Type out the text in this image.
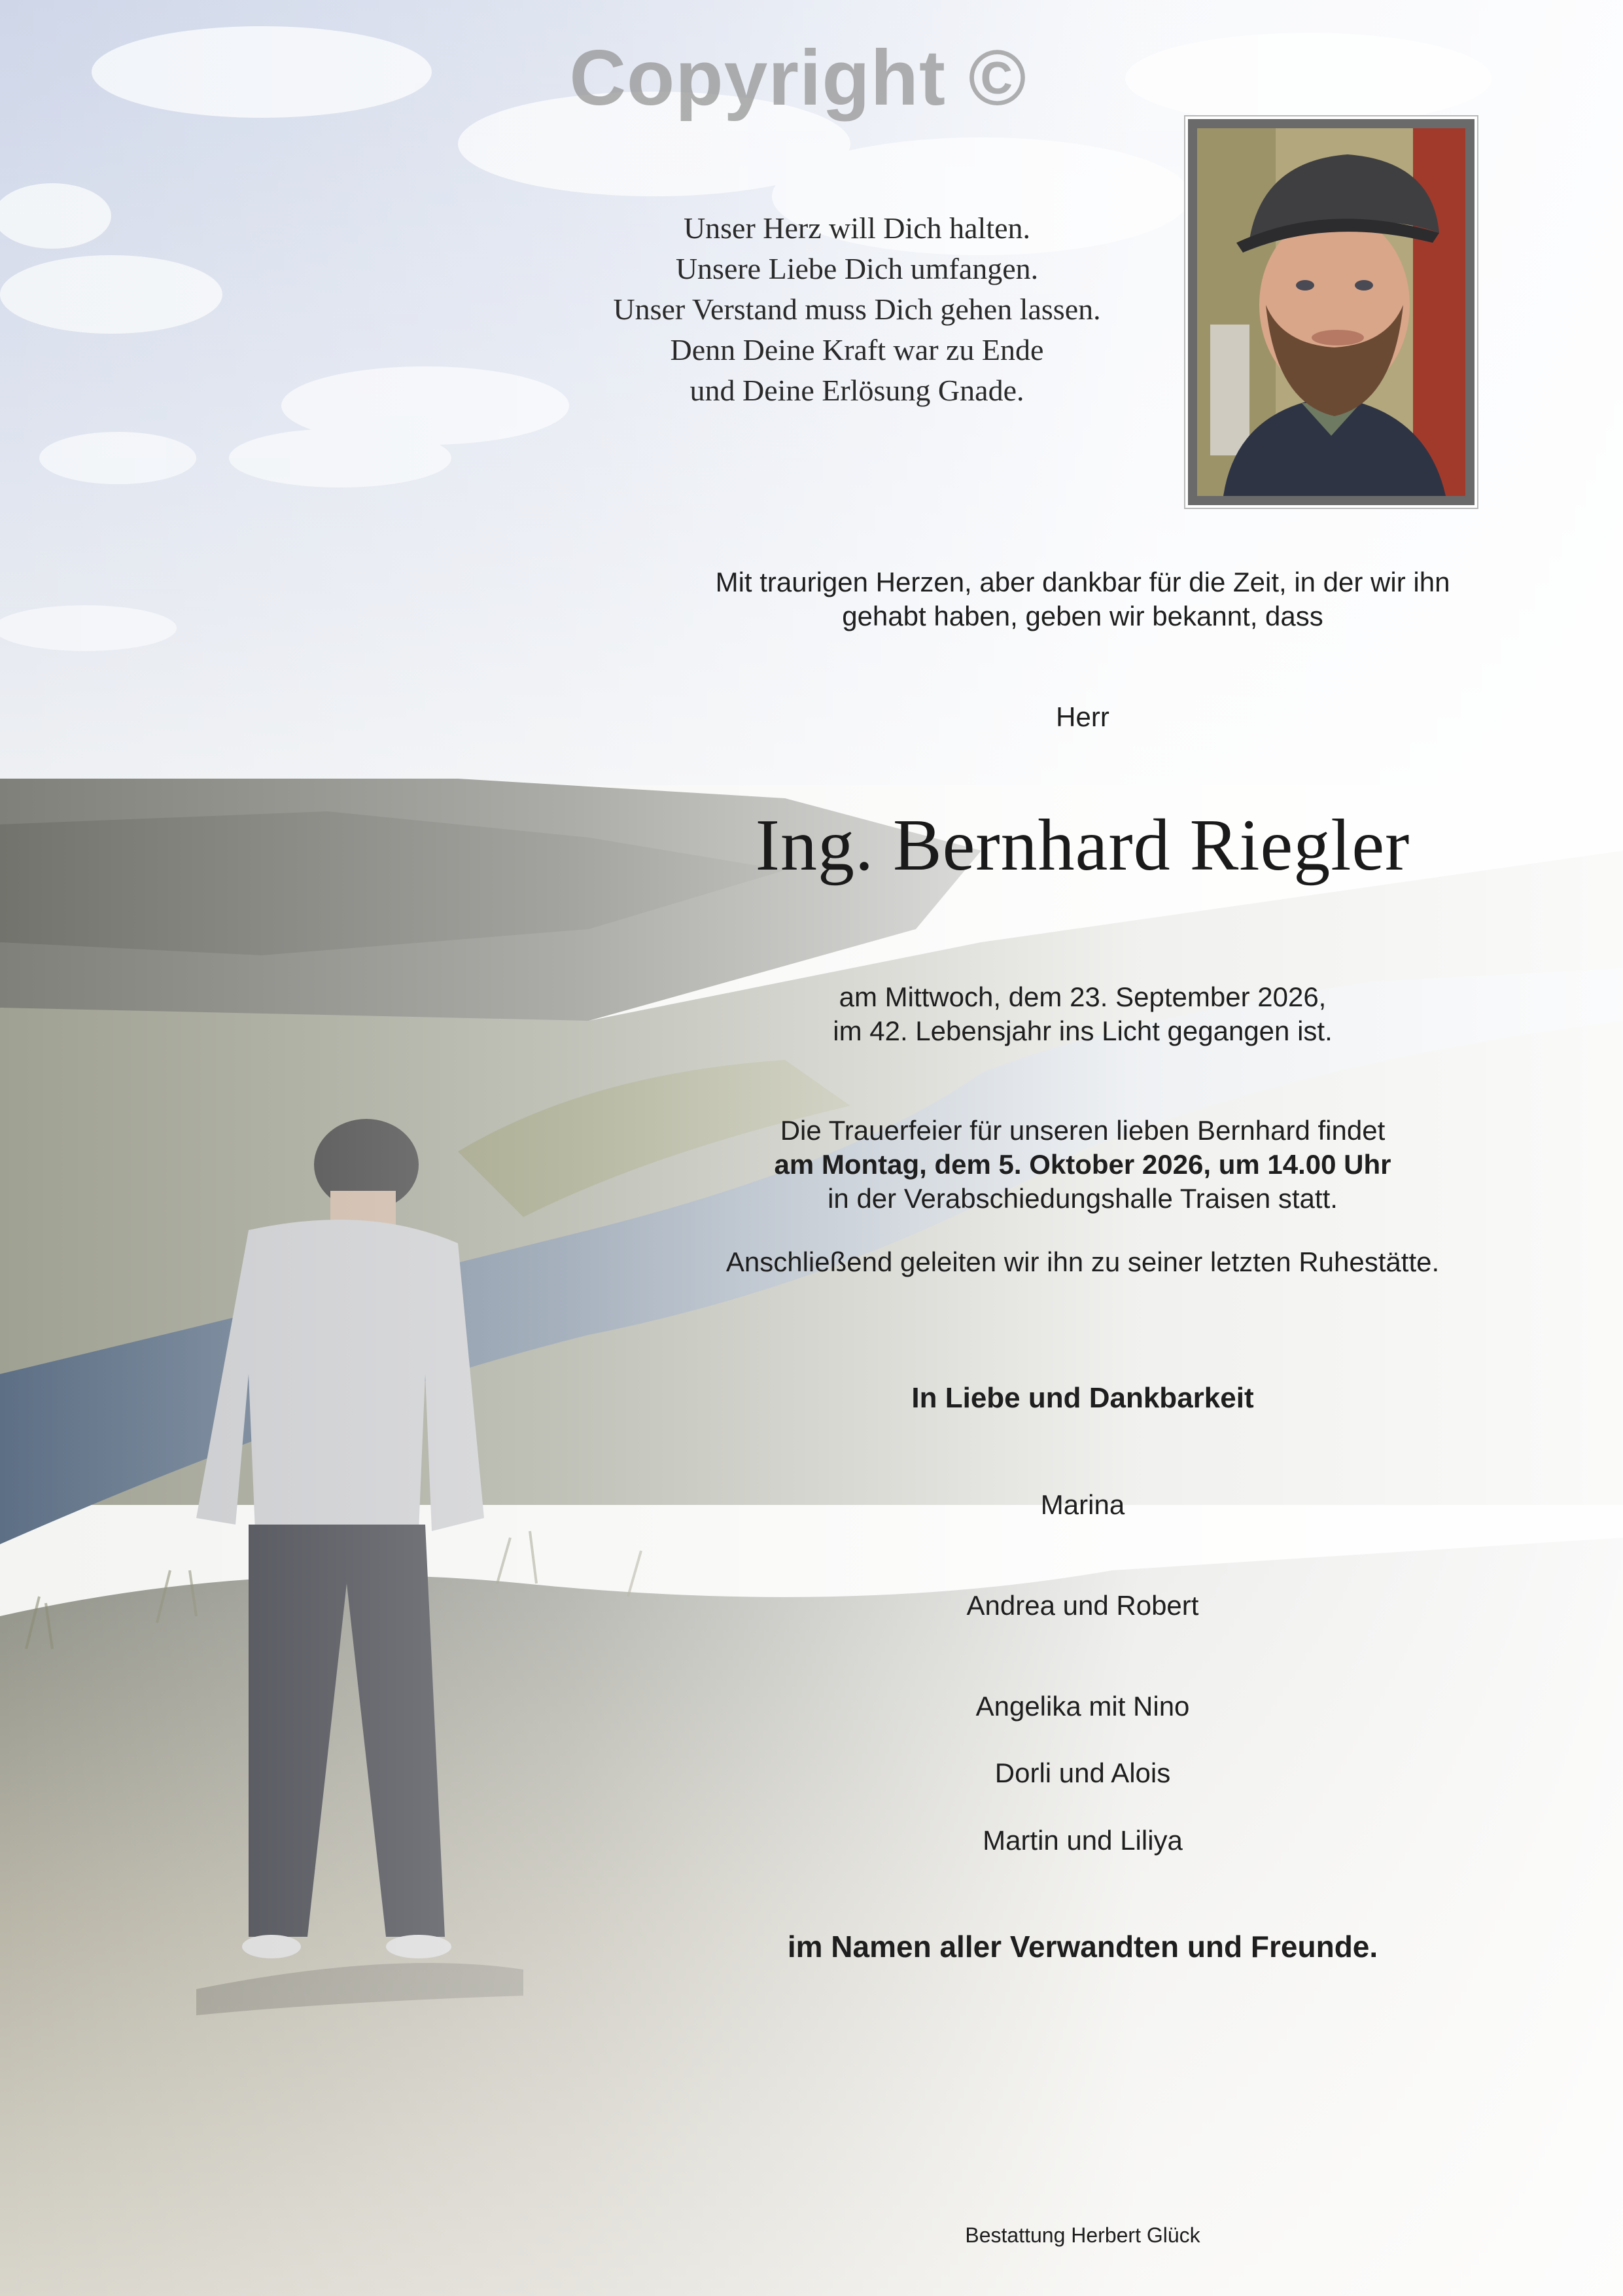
Copyright ©
Unser Herz will Dich halten.
Unsere Liebe Dich umfangen.
Unser Verstand muss Dich gehen lassen.
Denn Deine Kraft war zu Ende
und Deine Erlösung Gnade.
Mit traurigen Herzen, aber dankbar für die Zeit, in der wir ihn
gehabt haben, geben wir bekannt, dass
Herr
Ing. Bernhard Riegler
am Mittwoch, dem 23. September 2026,
im 42. Lebensjahr ins Licht gegangen ist.
Die Trauerfeier für unseren lieben Bernhard findet
am Montag, dem 5. Oktober 2026, um 14.00 Uhr
in der Verabschiedungshalle Traisen statt.
Anschließend geleiten wir ihn zu seiner letzten Ruhestätte.
In Liebe und Dankbarkeit
Marina
Andrea und Robert
Angelika mit Nino
Dorli und Alois
Martin und Liliya
im Namen aller Verwandten und Freunde.
Bestattung Herbert Glück
